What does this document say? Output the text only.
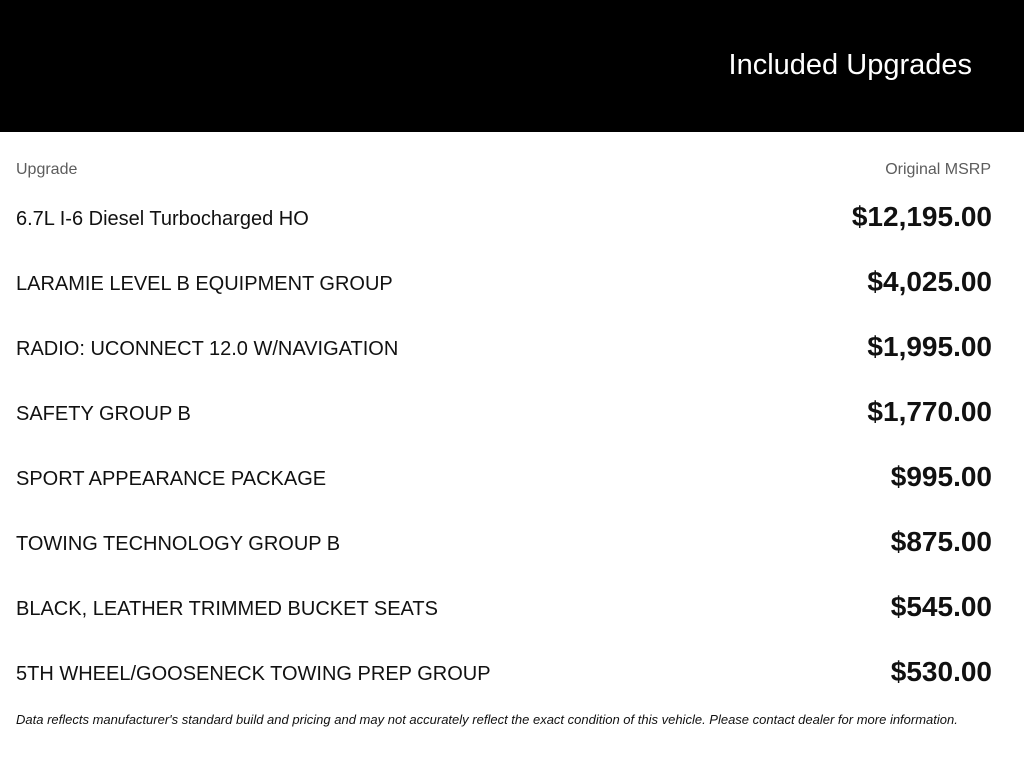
Included Upgrades
Upgrade	Original MSRP
6.7L I-6 Diesel Turbocharged HO	$12,195.00
LARAMIE LEVEL B EQUIPMENT GROUP	$4,025.00
RADIO: UCONNECT 12.0 W/NAVIGATION	$1,995.00
SAFETY GROUP B	$1,770.00
SPORT APPEARANCE PACKAGE	$995.00
TOWING TECHNOLOGY GROUP B	$875.00
BLACK, LEATHER TRIMMED BUCKET SEATS	$545.00
5TH WHEEL/GOOSENECK TOWING PREP GROUP	$530.00
Data reflects manufacturer's standard build and pricing and may not accurately reflect the exact condition of this vehicle. Please contact dealer for more information.
